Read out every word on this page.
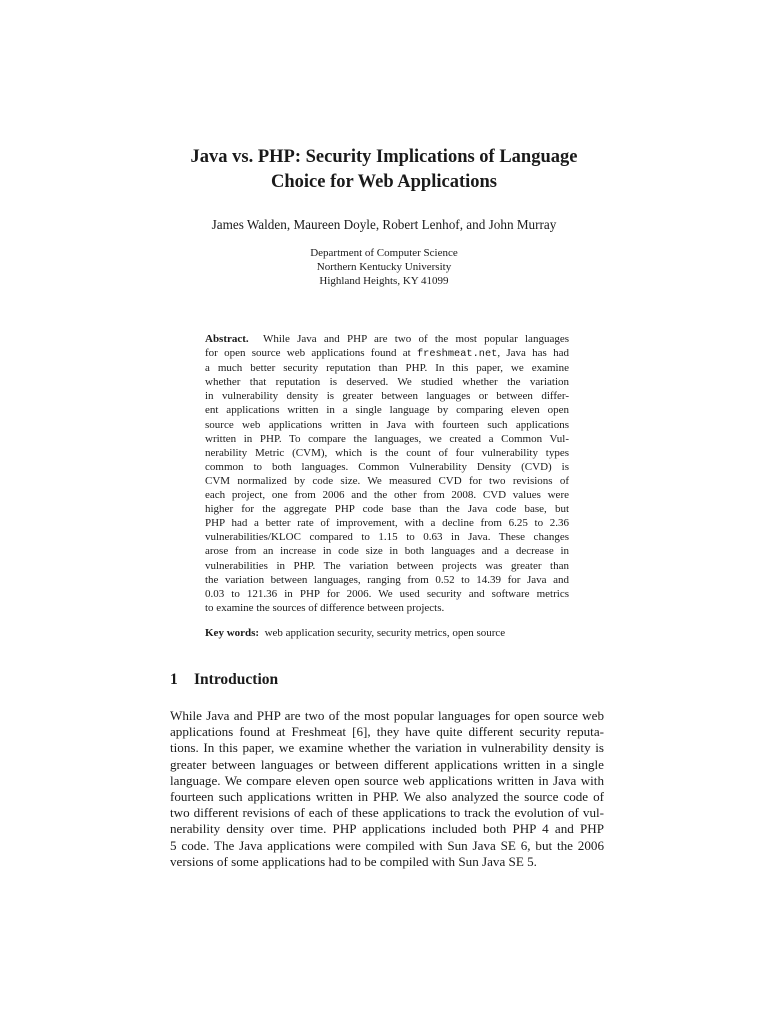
Java vs. PHP: Security Implications of Language
Choice for Web Applications
James Walden, Maureen Doyle, Robert Lenhof, and John Murray
Department of Computer Science
Northern Kentucky University
Highland Heights, KY 41099
Abstract. While Java and PHP are two of the most popular languages
for open source web applications found at freshmeat.net, Java has had
a much better security reputation than PHP. In this paper, we examine
whether that reputation is deserved. We studied whether the variation
in vulnerability density is greater between languages or between differ-
ent applications written in a single language by comparing eleven open
source web applications written in Java with fourteen such applications
written in PHP. To compare the languages, we created a Common Vul-
nerability Metric (CVM), which is the count of four vulnerability types
common to both languages. Common Vulnerability Density (CVD) is
CVM normalized by code size. We measured CVD for two revisions of
each project, one from 2006 and the other from 2008. CVD values were
higher for the aggregate PHP code base than the Java code base, but
PHP had a better rate of improvement, with a decline from 6.25 to 2.36
vulnerabilities/KLOC compared to 1.15 to 0.63 in Java. These changes
arose from an increase in code size in both languages and a decrease in
vulnerabilities in PHP. The variation between projects was greater than
the variation between languages, ranging from 0.52 to 14.39 for Java and
0.03 to 121.36 in PHP for 2006. We used security and software metrics
to examine the sources of difference between projects.
Key words: web application security, security metrics, open source
1 Introduction
While Java and PHP are two of the most popular languages for open source web
applications found at Freshmeat [6], they have quite different security reputa-
tions. In this paper, we examine whether the variation in vulnerability density is
greater between languages or between different applications written in a single
language. We compare eleven open source web applications written in Java with
fourteen such applications written in PHP. We also analyzed the source code of
two different revisions of each of these applications to track the evolution of vul-
nerability density over time. PHP applications included both PHP 4 and PHP
5 code. The Java applications were compiled with Sun Java SE 6, but the 2006
versions of some applications had to be compiled with Sun Java SE 5.
